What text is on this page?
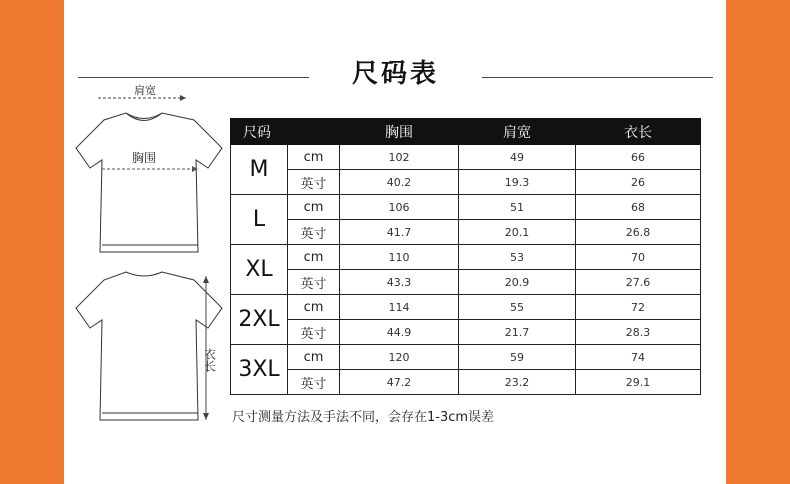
尺码表
肩宽
胸围
衣长
尺码		胸围	肩宽	衣长
M	cm	102	49	66
	英寸	40.2	19.3	26
L	cm	106	51	68
	英寸	41.7	20.1	26.8
XL	cm	110	53	70
	英寸	43.3	20.9	27.6
2XL	cm	114	55	72
	英寸	44.9	21.7	28.3
3XL	cm	120	59	74
	英寸	47.2	23.2	29.1
尺寸测量方法及手法不同，会存在1-3cm误差
